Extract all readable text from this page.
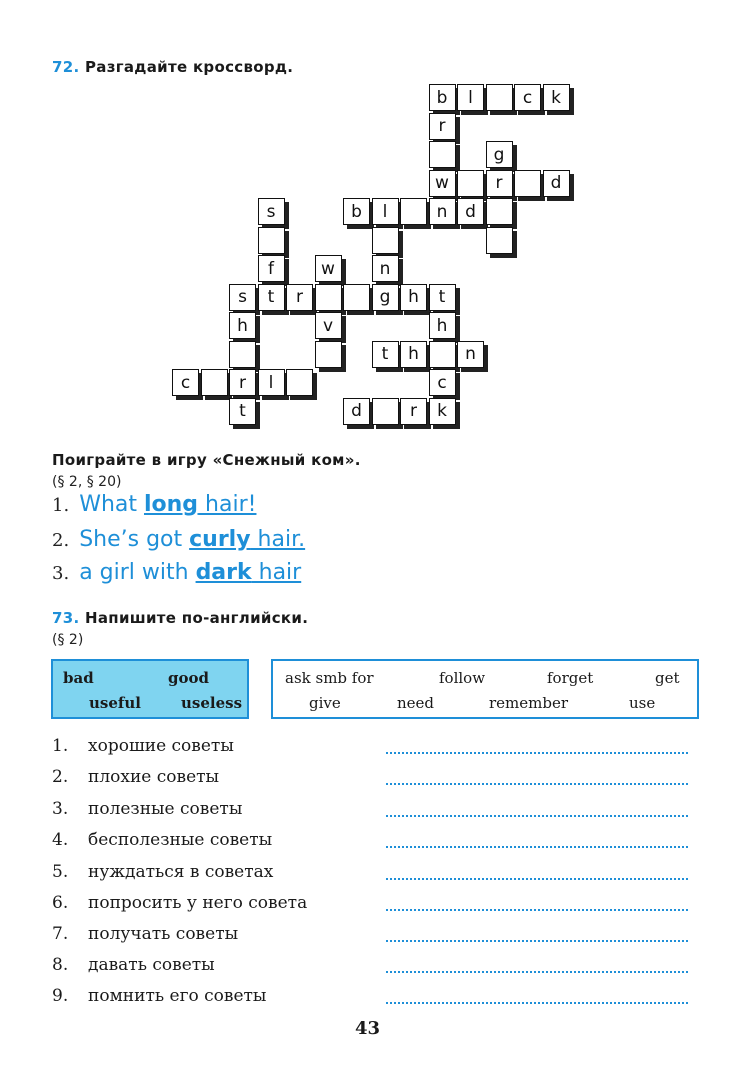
72. Разгадайте кроссворд.
b	l	c	k
r
g
w	r	d
s	b	l	n	d
f	w	n
s	t	r	g	h	t
h	v	h
t	h	n
c	r	l	c
t	d	r	k
Поиграйте в игру «Снежный ком».
(§ 2, § 20)
1. What long hair!
2. She’s got curly hair.
3. a girl with dark hair
73. Напишите по-английски.
(§ 2)
bad	good
useful	useless
ask smb for	follow	forget	get
give	need	remember	use
1. хорошие советы
2. плохие советы
3. полезные советы
4. бесполезные советы
5. нуждаться в советах
6. попросить у него совета
7. получать советы
8. давать советы
9. помнить его советы
43
